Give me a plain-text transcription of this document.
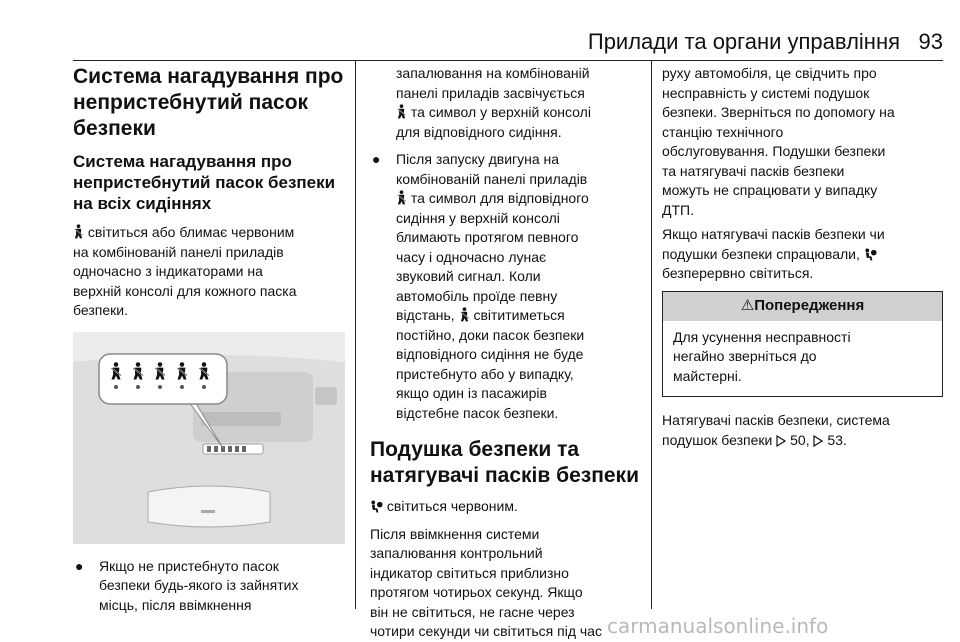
Прилади та органи управління 93
Система нагадування про
непристебнутий пасок
безпеки
Система нагадування про
непристебнутий пасок безпеки
на всіх сидіннях
світиться або блимає червоним
на комбінованій панелі приладів
одночасно з індикаторами на
верхній консолі для кожного паска
безпеки.
● Якщо не пристебнуто пасок
безпеки будь-якого із зайнятих
місць, після ввімкнення
запалювання на комбінованій
панелі приладів засвічується
та символ у верхній консолі
для відповідного сидіння.
● Після запуску двигуна на
комбінованій панелі приладів
та символ для відповідного
сидіння у верхній консолі
блимають протягом певного
часу і одночасно лунає
звуковий сигнал. Коли
автомобіль проїде певну
відстань, світитиметься
постійно, доки пасок безпеки
відповідного сидіння не буде
пристебнуто або у випадку,
якщо один із пасажирів
відстебне пасок безпеки.
Подушка безпеки та
натягувачі пасків безпеки
світиться червоним.
Після ввімкнення системи
запалювання контрольний
індикатор світиться приблизно
протягом чотирьох секунд. Якщо
він не світиться, не гасне через
чотири секунди чи світиться під час
руху автомобіля, це свідчить про
несправність у системі подушок
безпеки. Зверніться по допомогу на
станцію технічного
обслуговування. Подушки безпеки
та натягувачі пасків безпеки
можуть не спрацювати у випадку
ДТП.
Якщо натягувачі пасків безпеки чи
подушки безпеки спрацювали,
безперервно світиться.
⚠Попередження
Для усунення несправності
негайно зверніться до
майстерні.
Натягувачі пасків безпеки, система
подушок безпеки 50, 53.
carmanualsonline.info
